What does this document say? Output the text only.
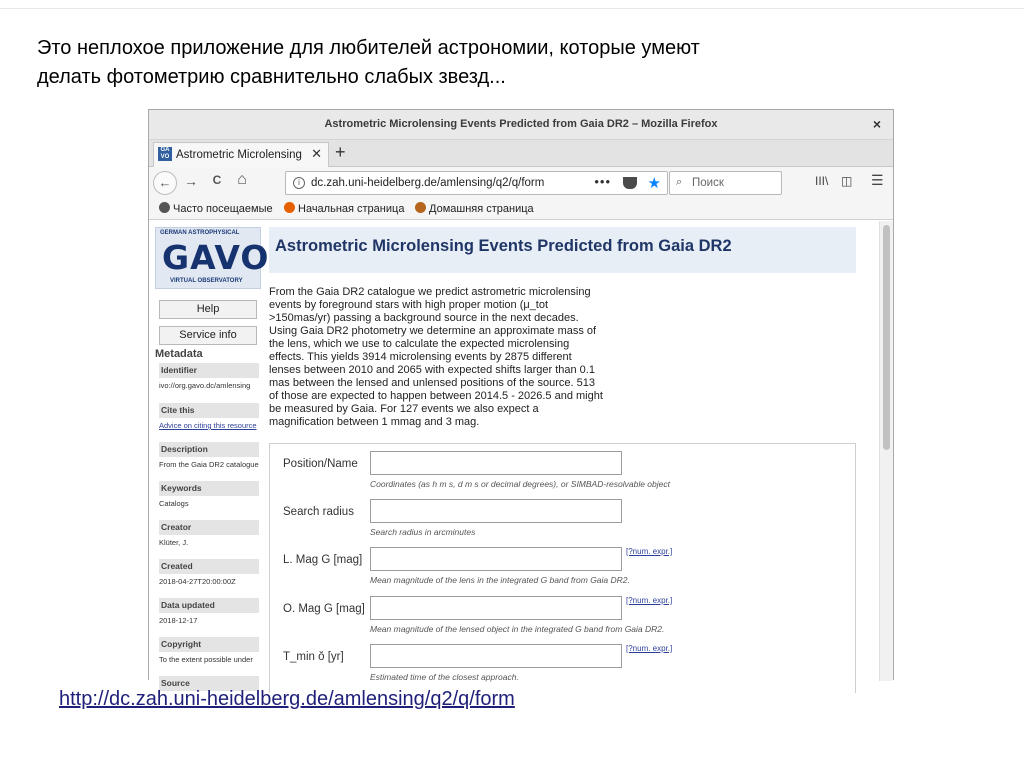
Это неплохое приложение для любителей астрономии, которые умеют
делать фотометрию сравнительно слабых звезд...
Astrometric Microlensing Events Predicted from Gaia DR2 – Mozilla Firefox	×
GA VO Astrometric Microlensing ✕ +
← →	C ⌂	i dc.zah.uni-heidelberg.de/amlensing/q2/q/form	••• ★ ⌕ Поиск	III\ ◫ ☰
Часто посещаемые	Начальная страница	Домашняя страница
GERMAN ASTROPHYSICAL
GAVO
VIRTUAL OBSERVATORY
Help
Service info
Metadata
Identifier
ivo://org.gavo.dc/amlensing
Cite this
Advice on citing this resource
Description
From the Gaia DR2 catalogue
Keywords
Catalogs
Creator
Klüter, J.
Created
2018-04-27T20:00:00Z
Data updated
2018-12-17
Copyright
To the extent possible under
Source
Astrometric Microlensing Events Predicted from Gaia DR2
From the Gaia DR2 catalogue we predict astrometric microlensing
events by foreground stars with high proper motion (μ_tot
>150mas/yr) passing a background source in the next decades.
Using Gaia DR2 photometry we determine an approximate mass of
the lens, which we use to calculate the expected microlensing
effects. This yields 3914 microlensing events by 2875 different
lenses between 2010 and 2065 with expected shifts larger than 0.1
mas between the lensed and unlensed positions of the source. 513
of those are expected to happen between 2014.5 - 2026.5 and might
be measured by Gaia. For 127 events we also expect a
magnification between 1 mmag and 3 mag.
Position/Name
Coordinates (as h m s, d m s or decimal degrees), or SIMBAD-resolvable object
Search radius
Search radius in arcminutes
L. Mag G [mag]
[?num. expr.]
Mean magnitude of the lens in the integrated G band from Gaia DR2.
O. Mag G [mag]
[?num. expr.]
Mean magnitude of the lensed object in the integrated G band from Gaia DR2.
T_min ŏ [yr]
[?num. expr.]
Estimated time of the closest approach.
http://dc.zah.uni-heidelberg.de/amlensing/q2/q/form
